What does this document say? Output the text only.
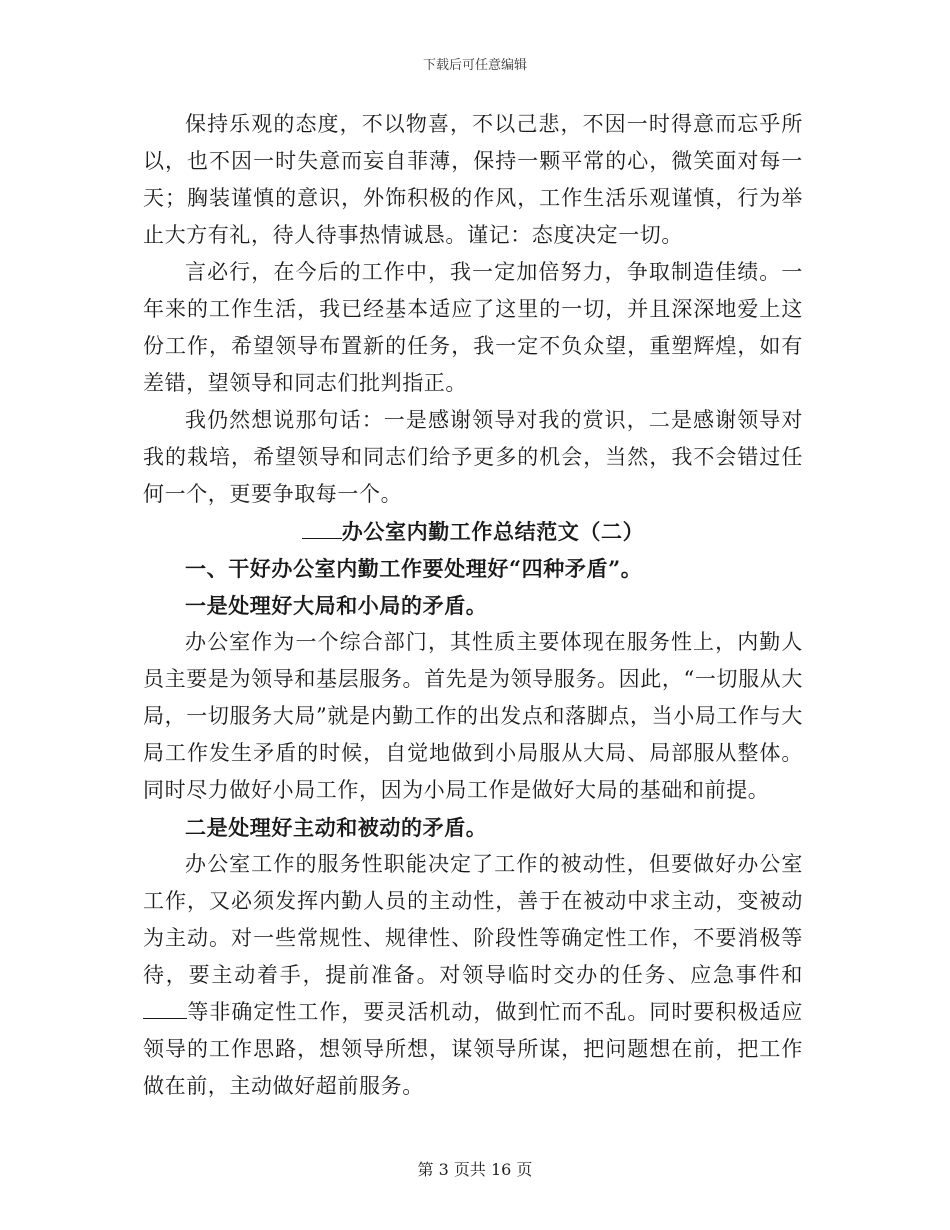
下载后可任意编辑

保持乐观的态度，不以物喜，不以己悲，不因一时得意而忘乎所以，也不因一时失意而妄自菲薄，保持一颗平常的心，微笑面对每一天；胸装谨慎的意识，外饰积极的作风，工作生活乐观谨慎，行为举止大方有礼，待人待事热情诚恳。谨记：态度决定一切。

言必行，在今后的工作中，我一定加倍努力，争取制造佳绩。一年来的工作生活，我已经基本适应了这里的一切，并且深深地爱上这份工作，希望领导布置新的任务，我一定不负众望，重塑辉煌，如有差错，望领导和同志们批判指正。

我仍然想说那句话：一是感谢领导对我的赏识，二是感谢领导对我的栽培，希望领导和同志们给予更多的机会，当然，我不会错过任何一个，更要争取每一个。

办公室内勤工作总结范文（二）

一、干好办公室内勤工作要处理好“四种矛盾”。

一是处理好大局和小局的矛盾。

办公室作为一个综合部门，其性质主要体现在服务性上，内勤人员主要是为领导和基层服务。首先是为领导服务。因此，“一切服从大局，一切服务大局”就是内勤工作的出发点和落脚点，当小局工作与大局工作发生矛盾的时候，自觉地做到小局服从大局、局部服从整体。同时尽力做好小局工作，因为小局工作是做好大局的基础和前提。

二是处理好主动和被动的矛盾。

办公室工作的服务性职能决定了工作的被动性，但要做好办公室工作，又必须发挥内勤人员的主动性，善于在被动中求主动，变被动为主动。对一些常规性、规律性、阶段性等确定性工作，不要消极等待，要主动着手，提前准备。对领导临时交办的任务、应急事件和等非确定性工作，要灵活机动，做到忙而不乱。同时要积极适应领导的工作思路，想领导所想，谋领导所谋，把问题想在前，把工作做在前，主动做好超前服务。

第 3 页共 16 页
